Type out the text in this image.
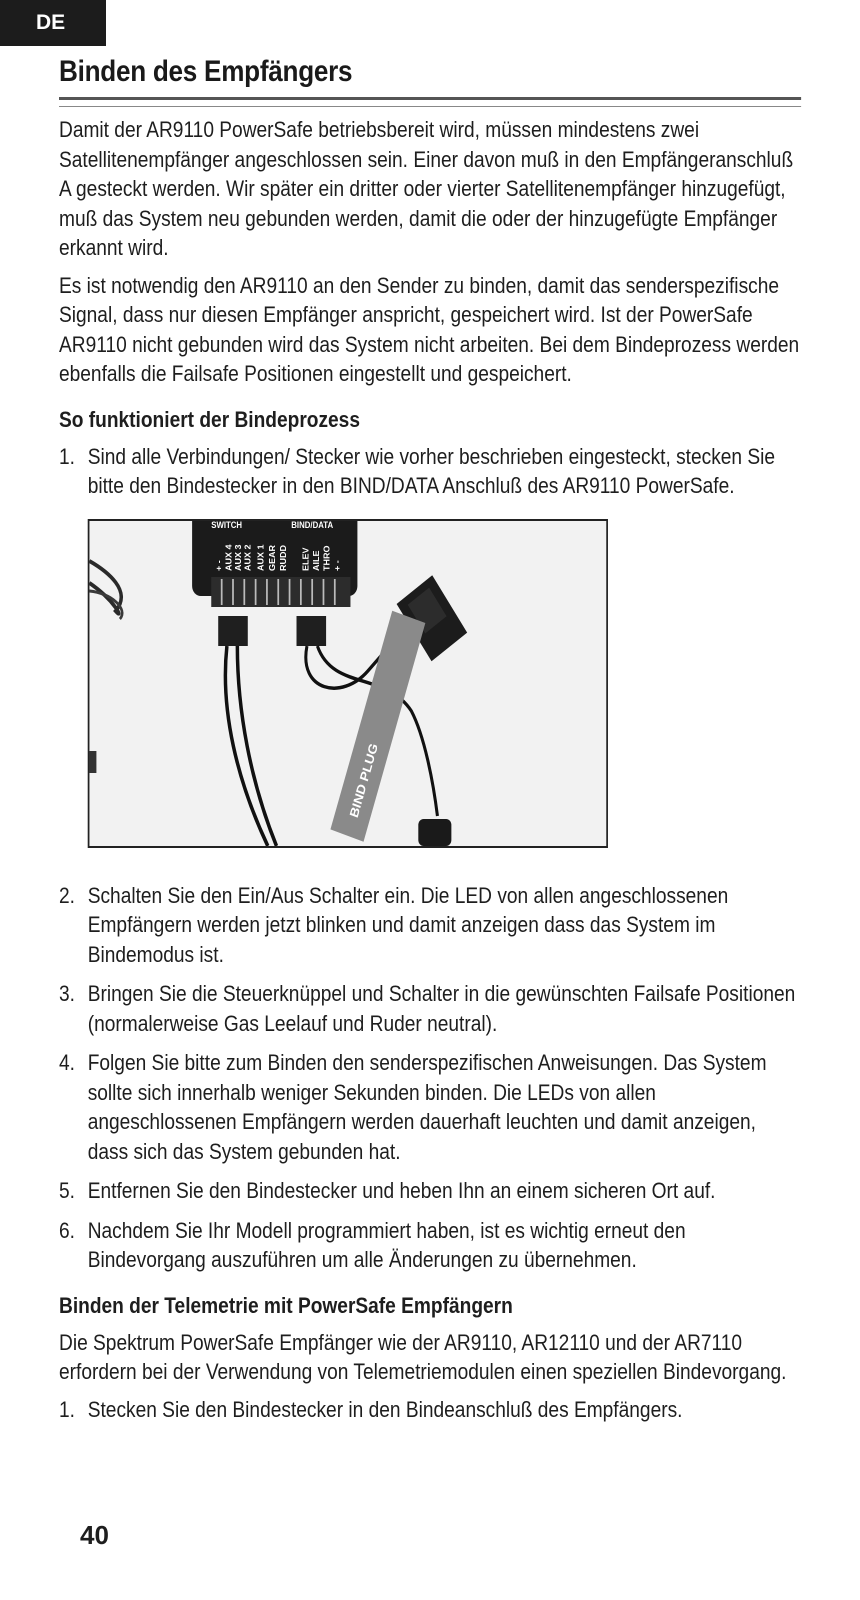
DE
Binden des Empfängers

Damit der AR9110 PowerSafe betriebsbereit wird, müssen mindestens zwei Satellitenempfänger angeschlossen sein. Einer davon muß in den Empfängeranschluß A gesteckt werden. Wir später ein dritter oder vierter Satellitenempfänger hinzugefügt, muß das System neu gebunden werden, damit die oder der hinzugefügte Empfänger erkannt wird.

Es ist notwendig den AR9110 an den Sender zu binden, damit das senderspezifische Signal, dass nur diesen Empfänger anspricht, gespeichert wird. Ist der PowerSafe AR9110 nicht gebunden wird das System nicht arbeiten. Bei dem Bindeprozess werden ebenfalls die Failsafe Positionen eingestellt und gespeichert.

So funktioniert der Bindeprozess
1. Sind alle Verbindungen/ Stecker wie vorher beschrieben eingesteckt, stecken Sie bitte den Bindestecker in den BIND/DATA Anschluß des AR9110 PowerSafe.
SWITCH	BIND/DATA
+ - AUX 4 AUX 3 AUX 2 AUX 1 GEAR RUDD ELEV AILE THRO + -
BIND PLUG
2. Schalten Sie den Ein/Aus Schalter ein. Die LED von allen angeschlossenen Empfängern werden jetzt blinken und damit anzeigen dass das System im Bindemodus ist.
3. Bringen Sie die Steuerknüppel und Schalter in die gewünschten Failsafe Positionen (normalerweise Gas Leelauf und Ruder neutral).
4. Folgen Sie bitte zum Binden den senderspezifischen Anweisungen. Das System sollte sich innerhalb weniger Sekunden binden. Die LEDs von allen angeschlossenen Empfängern werden dauerhaft leuchten und damit anzeigen, dass sich das System gebunden hat.
5. Entfernen Sie den Bindestecker und heben Ihn an einem sicheren Ort auf.
6. Nachdem Sie Ihr Modell programmiert haben, ist es wichtig erneut den Bindevorgang auszuführen um alle Änderungen zu übernehmen.
Binden der Telemetrie mit PowerSafe Empfängern

Die Spektrum PowerSafe Empfänger wie der AR9110, AR12110 und der AR7110 erfordern bei der Verwendung von Telemetriemodulen einen speziellen Bindevorgang.

1. Stecken Sie den Bindestecker in den Bindeanschluß des Empfängers.
40
